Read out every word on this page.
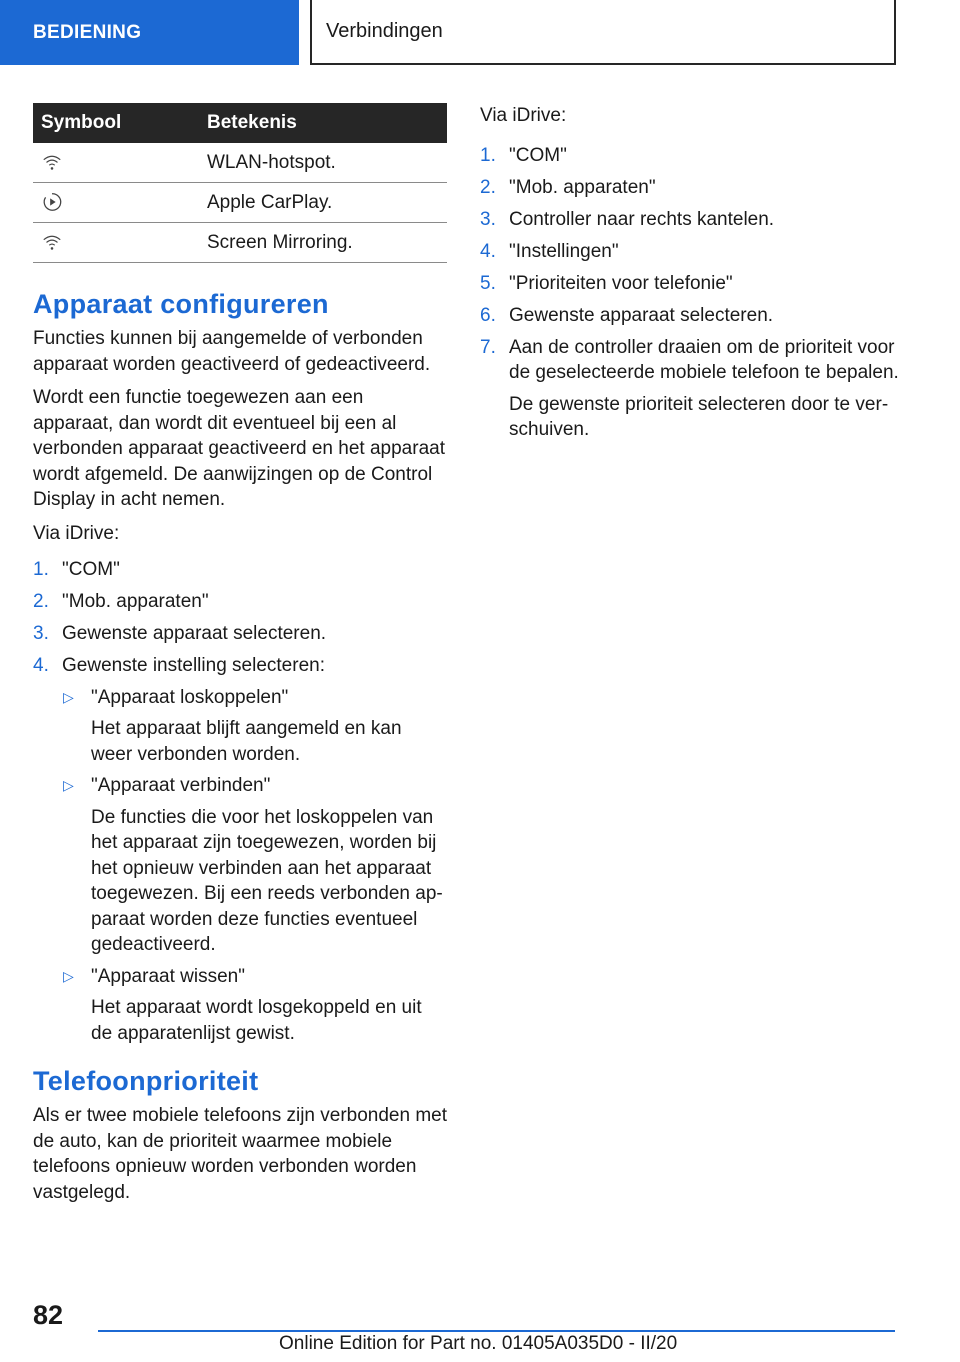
BEDIENING	Verbindingen
Symbool	Betekenis
	WLAN-hotspot.
	Apple CarPlay.
	Screen Mirroring.
Apparaat configureren

Functies kunnen bij aangemelde of verbonden apparaat worden geactiveerd of gedeactiveerd.

Wordt een functie toegewezen aan een apparaat, dan wordt dit eventueel bij een al verbonden apparaat geactiveerd en het apparaat wordt afgemeld. De aanwijzingen op de Control Display in acht nemen.

Via iDrive:

1. "COM"
2. "Mob. apparaten"
3. Gewenste apparaat selecteren.
4. Gewenste instelling selecteren:
▷ "Apparaat loskoppelen"
Het apparaat blijft aangemeld en kan weer verbonden worden.
▷ "Apparaat verbinden"
De functies die voor het loskoppelen van het apparaat zijn toegewezen, worden bij het opnieuw verbinden aan het apparaat toegewezen. Bij een reeds verbonden apparaat worden deze functies eventueel gedeactiveerd.
▷ "Apparaat wissen"
Het apparaat wordt losgekoppeld en uit de apparatenlijst gewist.
Telefoonprioriteit

Als er twee mobiele telefoons zijn verbonden met de auto, kan de prioriteit waarmee mobiele telefoons opnieuw worden verbonden worden vastgelegd.

Via iDrive:

1. "COM"
2. "Mob. apparaten"
3. Controller naar rechts kantelen.
4. "Instellingen"
5. "Prioriteiten voor telefonie"
6. Gewenste apparaat selecteren.
7. Aan de controller draaien om de prioriteit voor de geselecteerde mobiele telefoon te bepalen.
De gewenste prioriteit selecteren door te verschuiven.
82
Online Edition for Part no. 01405A035D0 - II/20
